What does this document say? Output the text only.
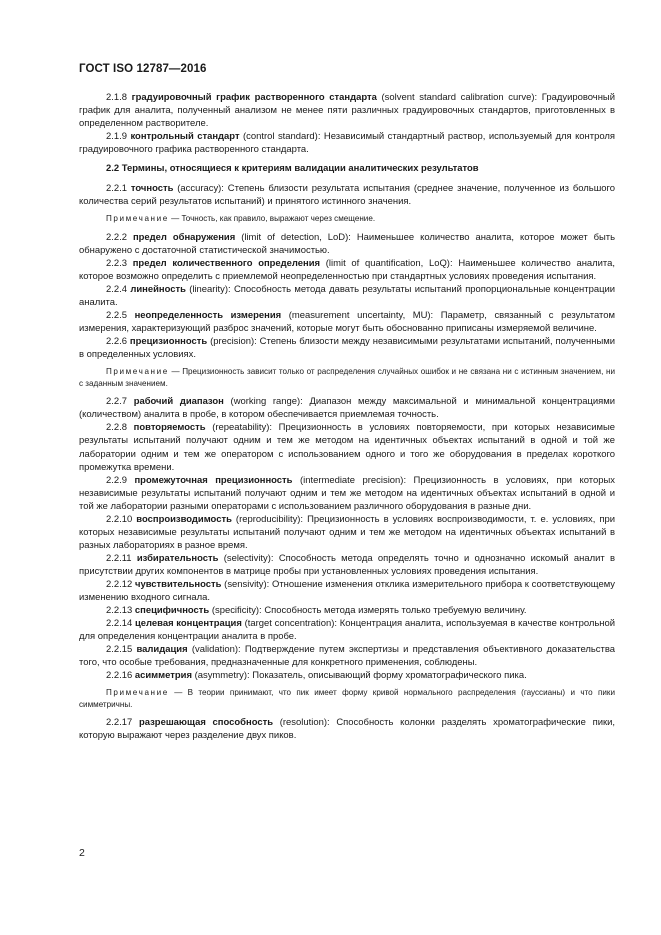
ГОСТ ISO 12787—2016

2.1.8 градуировочный график растворенного стандарта (solvent standard calibration curve): Градуировочный график для аналита, полученный анализом не менее пяти различных градуировочных стандартов, приготовленных в определенном растворителе.

2.1.9 контрольный стандарт (control standard): Независимый стандартный раствор, используемый для контроля градуировочного графика растворенного стандарта.

2.2 Термины, относящиеся к критериям валидации аналитических результатов

2.2.1 точность (accuracy): Степень близости результата испытания (среднее значение, полученное из большого количества серий результатов испытаний) и принятого истинного значения.

Примечание — Точность, как правило, выражают через смещение.

2.2.2 предел обнаружения (limit of detection, LoD): Наименьшее количество аналита, которое может быть обнаружено с достаточной статистической значимостью.

2.2.3 предел количественного определения (limit of quantification, LoQ): Наименьшее количество аналита, которое возможно определить с приемлемой неопределенностью при стандартных условиях проведения испытания.

2.2.4 линейность (linearity): Способность метода давать результаты испытаний пропорциональные концентрации аналита.

2.2.5 неопределенность измерения (measurement uncertainty, MU): Параметр, связанный с результатом измерения, характеризующий разброс значений, которые могут быть обоснованно приписаны измеряемой величине.

2.2.6 прецизионность (precision): Степень близости между независимыми результатами испытаний, полученными в определенных условиях.

Примечание — Прецизионность зависит только от распределения случайных ошибок и не связана ни с истинным значением, ни с заданным значением.

2.2.7 рабочий диапазон (working range): Диапазон между максимальной и минимальной концентрациями (количеством) аналита в пробе, в котором обеспечивается приемлемая точность.

2.2.8 повторяемость (repeatability): Прецизионность в условиях повторяемости, при которых независимые результаты испытаний получают одним и тем же методом на идентичных объектах испытаний в одной и той же лаборатории одним и тем же оператором с использованием одного и того же оборудования в пределах короткого промежутка времени.

2.2.9 промежуточная прецизионность (intermediate precision): Прецизионность в условиях, при которых независимые результаты испытаний получают одним и тем же методом на идентичных объектах испытаний в одной и той же лаборатории разными операторами с использованием различного оборудования в разные дни.

2.2.10 воспроизводимость (reproducibility): Прецизионность в условиях воспроизводимости, т. е. условиях, при которых независимые результаты испытаний получают одним и тем же методом на идентичных объектах испытаний в разных лабораториях в разное время.

2.2.11 избирательность (selectivity): Способность метода определять точно и однозначно искомый аналит в присутствии других компонентов в матрице пробы при установленных условиях проведения испытания.

2.2.12 чувствительность (sensivity): Отношение изменения отклика измерительного прибора к соответствующему изменению входного сигнала.

2.2.13 специфичность (specificity): Способность метода измерять только требуемую величину.

2.2.14 целевая концентрация (target concentration): Концентрация аналита, используемая в качестве контрольной для определения концентрации аналита в пробе.

2.2.15 валидация (validation): Подтверждение путем экспертизы и представления объективного доказательства того, что особые требования, предназначенные для конкретного применения, соблюдены.

2.2.16 асимметрия (asymmetry): Показатель, описывающий форму хроматографического пика.

Примечание — В теории принимают, что пик имеет форму кривой нормального распределения (гауссианы) и что пики симметричны.

2.2.17 разрешающая способность (resolution): Способность колонки разделять хроматографические пики, которую выражают через разделение двух пиков.

2
